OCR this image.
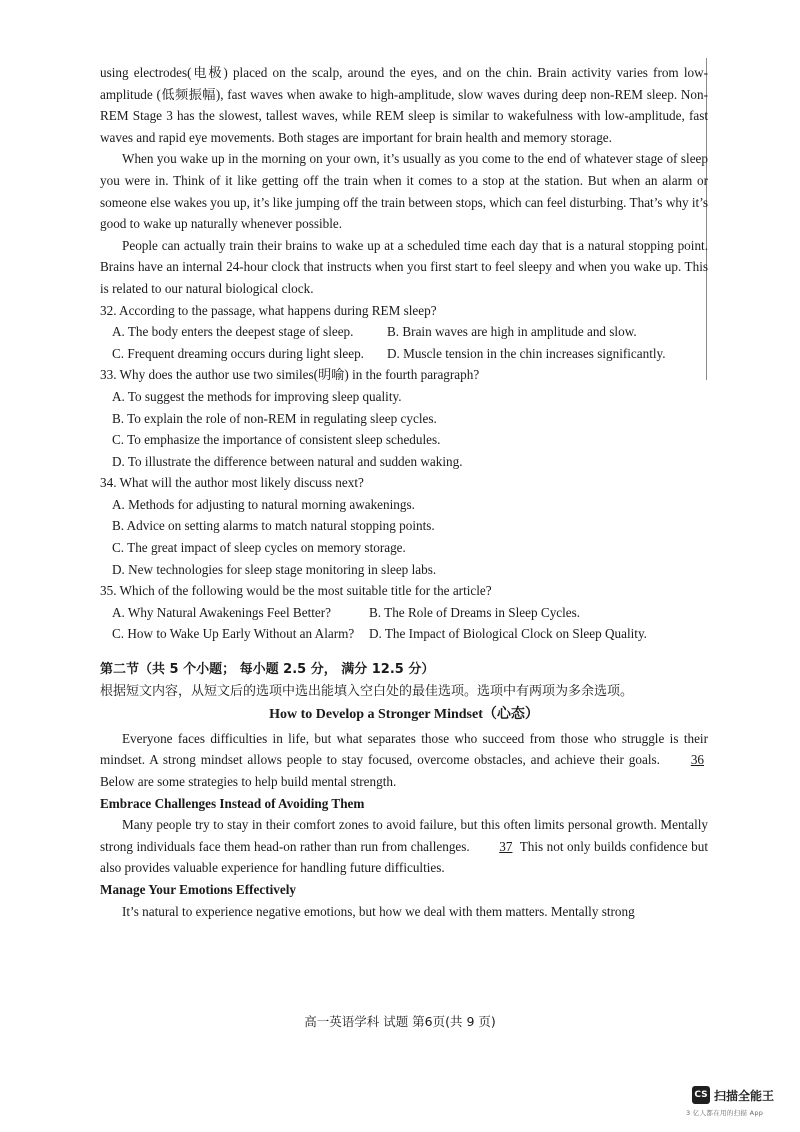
using electrodes(电极) placed on the scalp, around the eyes, and on the chin. Brain activity varies from low-amplitude (低频振幅), fast waves when awake to high-amplitude, slow waves during deep non-REM sleep. Non-REM Stage 3 has the slowest, tallest waves, while REM sleep is similar to wakefulness with low-amplitude, fast waves and rapid eye movements. Both stages are important for brain health and memory storage.

When you wake up in the morning on your own, it’s usually as you come to the end of whatever stage of sleep you were in. Think of it like getting off the train when it comes to a stop at the station. But when an alarm or someone else wakes you up, it’s like jumping off the train between stops, which can feel disturbing. That’s why it’s good to wake up naturally whenever possible.

People can actually train their brains to wake up at a scheduled time each day that is a natural stopping point. Brains have an internal 24-hour clock that instructs when you first start to feel sleepy and when you wake up. This is related to our natural biological clock.

32. According to the passage, what happens during REM sleep?

A. The body enters the deepest stage of sleep.	B. Brain waves are high in amplitude and slow.
C. Frequent dreaming occurs during light sleep.	D. Muscle tension in the chin increases significantly.

33. Why does the author use two similes(明喻) in the fourth paragraph?

A. To suggest the methods for improving sleep quality.

B. To explain the role of non-REM in regulating sleep cycles.

C. To emphasize the importance of consistent sleep schedules.

D. To illustrate the difference between natural and sudden waking.

34. What will the author most likely discuss next?

A. Methods for adjusting to natural morning awakenings.

B. Advice on setting alarms to match natural stopping points.

C. The great impact of sleep cycles on memory storage.

D. New technologies for sleep stage monitoring in sleep labs.

35. Which of the following would be the most suitable title for the article?

A. Why Natural Awakenings Feel Better?	B. The Role of Dreams in Sleep Cycles.
C. How to Wake Up Early Without an Alarm?	D. The Impact of Biological Clock on Sleep Quality.

第二节（共 5 个小题； 每小题 2.5 分， 满分 12.5 分）

根据短文内容，从短文后的选项中选出能填入空白处的最佳选项。选项中有两项为多余选项。

How to Develop a Stronger Mindset（心态）

Everyone faces difficulties in life, but what separates those who succeed from those who struggle is their mindset. A strong mindset allows people to stay focused, overcome obstacles, and achieve their goals. 36 Below are some strategies to help build mental strength.

Embrace Challenges Instead of Avoiding Them

Many people try to stay in their comfort zones to avoid failure, but this often limits personal growth. Mentally strong individuals face them head-on rather than run from challenges. 37 This not only builds confidence but also provides valuable experience for handling future difficulties.

Manage Your Emotions Effectively

It’s natural to experience negative emotions, but how we deal with them matters. Mentally strong

高一英语学科 试题 第6页(共 9 页)
CS 扫描全能王
3 亿人都在用的扫描 App
